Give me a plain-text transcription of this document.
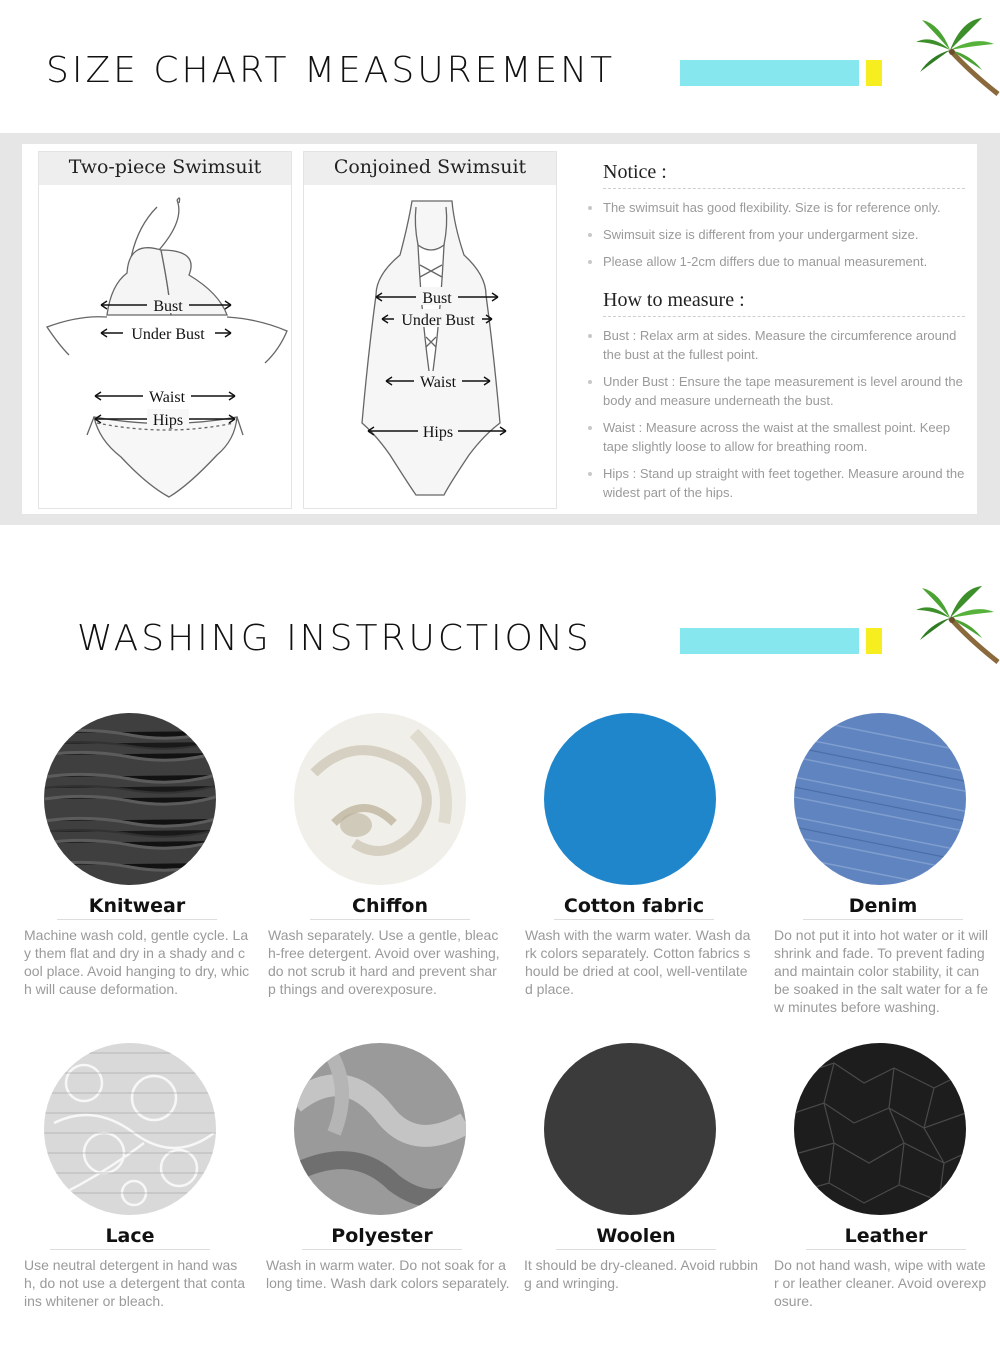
SIZE CHART MEASUREMENT
Two-piece Swimsuit
Bust
Under Bust
Waist
Hips
Conjoined Swimsuit
Bust
Under Bust
Waist
Hips
Notice :
The swimsuit has good flexibility. Size is for reference only.
Swimsuit size is different from your undergarment size.
Please allow 1-2cm differs due to manual measurement.
How to measure :
Bust : Relax arm at sides. Measure the circumference around the bust at the fullest point.
Under Bust : Ensure the tape measurement is level around the body and measure underneath the bust.
Waist : Measure across the waist at the smallest point. Keep tape slightly loose to allow for breathing room.
Hips : Stand up straight with feet together. Measure around the widest part of the hips.
WASHING INSTRUCTIONS
Knitwear	Chiffon	Cotton fabric	Denim
Machine wash cold, gentle cycle. Lay them flat and dry in a shady and cool place. Avoid hanging to dry, which will cause deformation.
Wash separately. Use a gentle, bleach-free detergent. Avoid over washing, do not scrub it hard and prevent sharp things and overexposure.
Wash with the warm water. Wash dark colors separately. Cotton fabrics should be dried at cool, well-ventilated place.
Do not put it into hot water or it will shrink and fade. To prevent fading and maintain color stability, it can be soaked in the salt water for a few minutes before washing.
Lace	Polyester	Woolen	Leather
Use neutral detergent in hand wash, do not use a detergent that contains whitener or bleach.
Wash in warm water. Do not soak for a long time. Wash dark colors separately.
It should be dry-cleaned. Avoid rubbing and wringing.
Do not hand wash, wipe with water or leather cleaner. Avoid overexposure.
